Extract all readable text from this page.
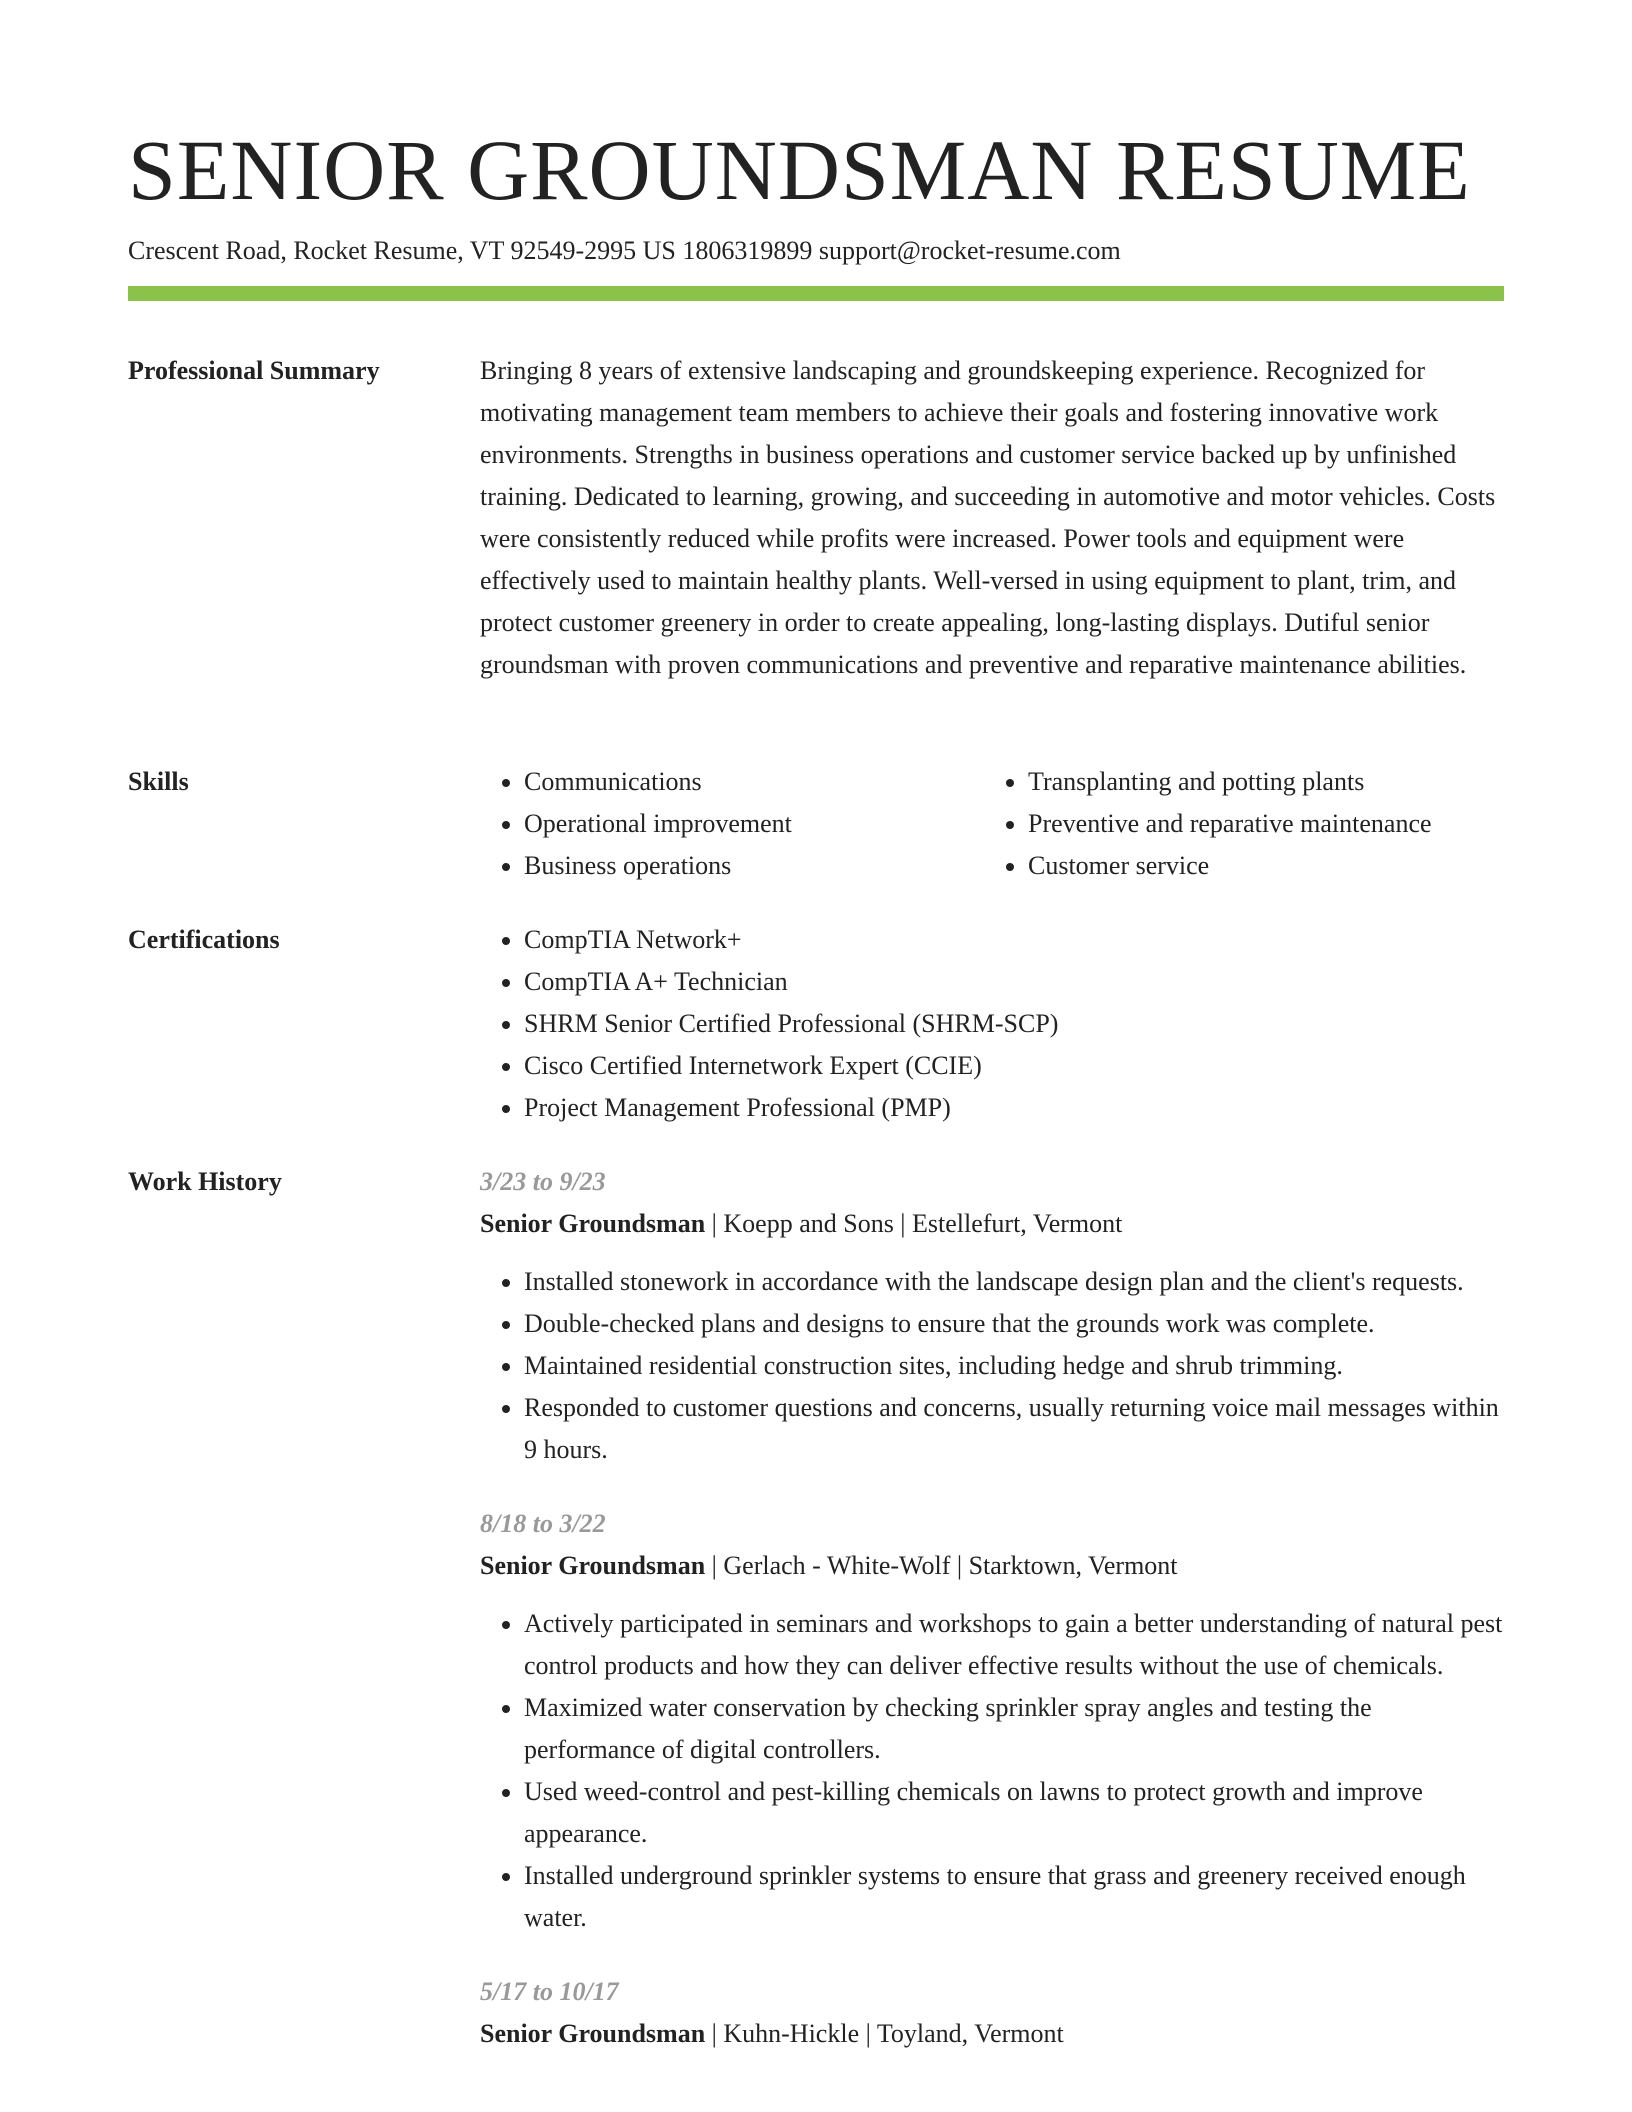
SENIOR GROUNDSMAN RESUME
Crescent Road, Rocket Resume, VT 92549-2995 US 1806319899 support@rocket-resume.com
Professional Summary	Bringing 8 years of extensive landscaping and groundskeeping experience. Recognized for motivating management team members to achieve their goals and fostering innovative work environments. Strengths in business operations and customer service backed up by unfinished training. Dedicated to learning, growing, and succeeding in automotive and motor vehicles. Costs were consistently reduced while profits were increased. Power tools and equipment were effectively used to maintain healthy plants. Well-versed in using equipment to plant, trim, and protect customer greenery in order to create appealing, long-lasting displays. Dutiful senior groundsman with proven communications and preventive and reparative maintenance abilities.

Skills	• Communications
• Operational improvement
• Business operations
• Transplanting and potting plants
• Preventive and reparative maintenance
• Customer service
Certifications	• CompTIA Network+
• CompTIA A+ Technician
• SHRM Senior Certified Professional (SHRM-SCP)
• Cisco Certified Internetwork Expert (CCIE)
• Project Management Professional (PMP)
Work History	3/23 to 9/23
Senior Groundsman | Koepp and Sons | Estellefurt, Vermont
• Installed stonework in accordance with the landscape design plan and the client's requests.
• Double-checked plans and designs to ensure that the grounds work was complete.
• Maintained residential construction sites, including hedge and shrub trimming.
• Responded to customer questions and concerns, usually returning voice mail messages within 9 hours.
8/18 to 3/22
Senior Groundsman | Gerlach - White-Wolf | Starktown, Vermont
• Actively participated in seminars and workshops to gain a better understanding of natural pest control products and how they can deliver effective results without the use of chemicals.
• Maximized water conservation by checking sprinkler spray angles and testing the performance of digital controllers.
• Used weed-control and pest-killing chemicals on lawns to protect growth and improve appearance.
• Installed underground sprinkler systems to ensure that grass and greenery received enough water.
5/17 to 10/17
Senior Groundsman | Kuhn-Hickle | Toyland, Vermont
